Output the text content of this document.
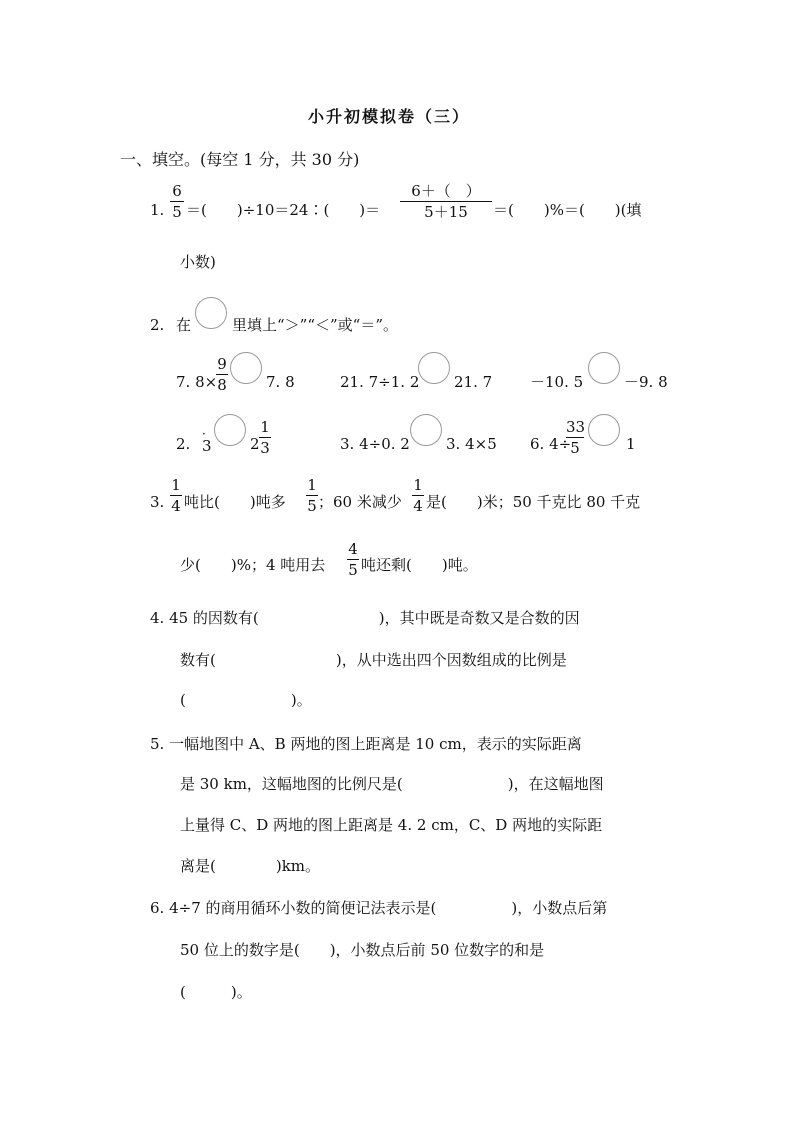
小升初模拟卷（三）
一、填空。(每空 1 分，共 30 分)
1.
6
5 ＝(　　)÷10＝24∶(　　)＝
6＋（　）
5＋15	＝(　　)%＝(　　)(填
小数)
2. 在	里填上“＞”“＜”或“＝”。
7. 8×
9
8	7. 8	21. 7÷1. 2 21. 7	－10. 5	－9. 8
2.
·
3	2
1
3	3. 4÷0. 2 3. 4×5 6. 4÷
33
5	1
3.
1
4 吨比(　　)吨多
1
5 ；60 米减少
1
4 是(　　)米；50 千克比 80 千克
少(　　)%；4 吨用去
4
5 吨还剩(　　)吨。
4. 45 的因数有(　　　　　　　　)，其中既是奇数又是合数的因
数有(　　　　　　　　)，从中选出四个因数组成的比例是
(　　　　　　　)。
5. 一幅地图中 A、B 两地的图上距离是 10 cm，表示的实际距离
是 30 km，这幅地图的比例尺是(　　　　　　　)，在这幅地图
上量得 C、D 两地的图上距离是 4. 2 cm，C、D 两地的实际距
离是(　　　　)km。
6. 4÷7 的商用循环小数的简便记法表示是(　　　　　)，小数点后第
50 位上的数字是(　　)，小数点后前 50 位数字的和是
(　　　)。
